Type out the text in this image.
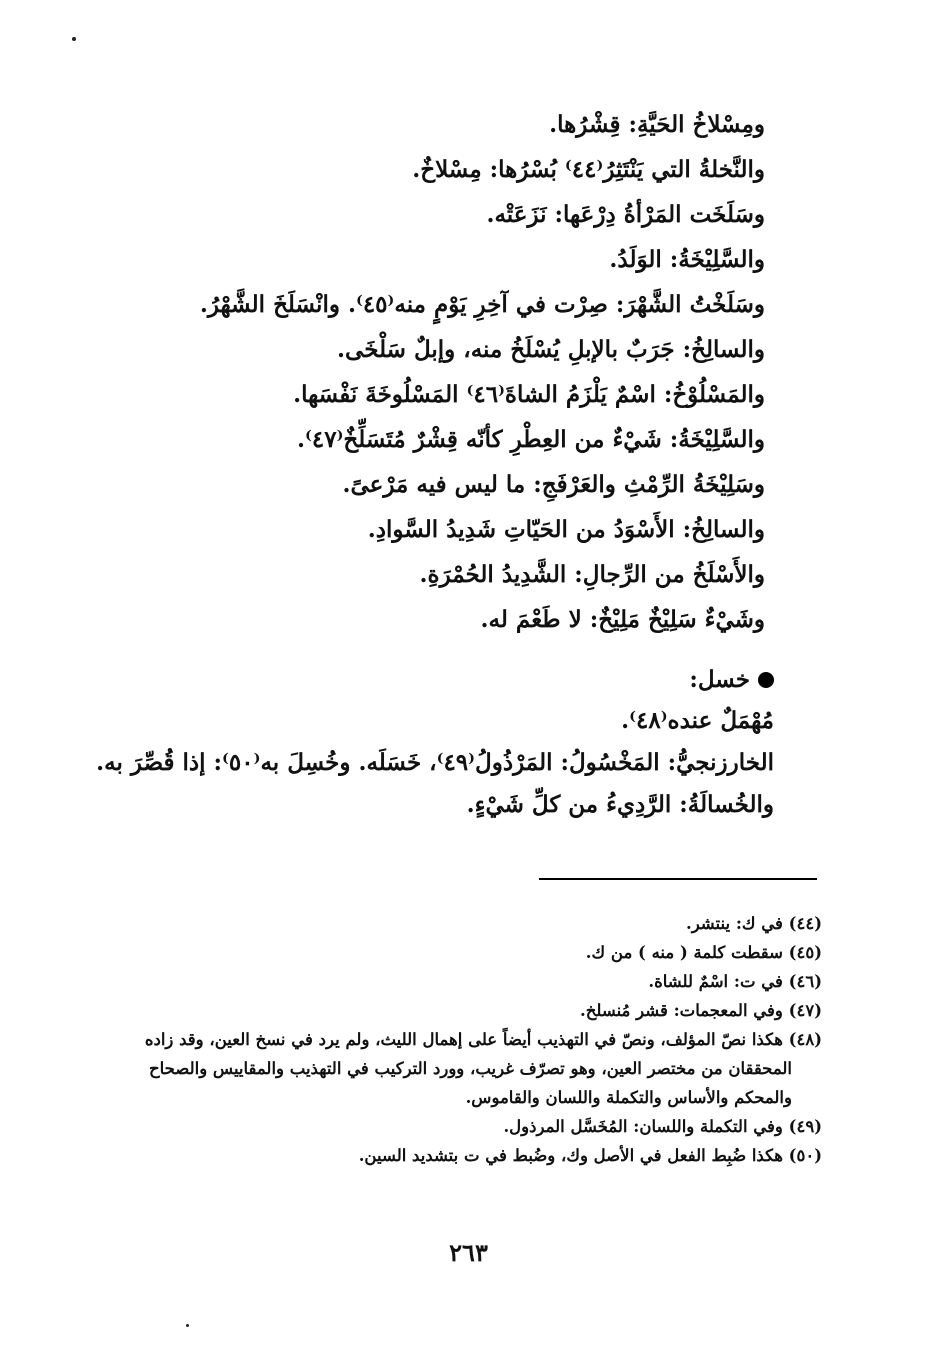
ومِسْلاخُ الحَيَّةِ: قِشْرُها.
والنَّخلةُ التي يَنْتَثِرُ⁽٤٤⁾ بُسْرُها: مِسْلاخٌ.
وسَلَخَت المَرْأةُ دِرْعَها: نَزَعَتْه.
والسَّلِيْخَةُ: الوَلَدُ.
وسَلَخْتُ الشَّهْرَ: صِرْت في آخِرِ يَوْمٍ منه⁽٤٥⁾. وانْسَلَخَ الشَّهْرُ.
والسالِخُ: جَرَبٌ بالإبلِ يُسْلَخُ منه، وإبلٌ سَلْخَى.
والمَسْلُوْخُ: اسْمٌ يَلْزَمُ الشاةَ⁽٤٦⁾ المَسْلُوخَةَ نَفْسَها.
والسَّلِيْخَةُ: شَيْءٌ من العِطْرِ كأنّه قِشْرٌ مُتَسَلِّخٌ⁽٤٧⁾.
وسَلِيْخَةُ الرِّمْثِ والعَرْفَجِ: ما ليس فيه مَرْعىً.
والسالِخُ: الأَسْوَدُ من الحَيّاتِ شَدِيدُ السَّوادِ.
والأَسْلَخُ من الرِّجالِ: الشَّدِيدُ الحُمْرَةِ.
وشَيْءٌ سَلِيْخٌ مَلِيْخٌ: لا طَعْمَ له.
خسل:
مُهْمَلٌ عنده⁽٤٨⁾.
الخارزنجيُّ: المَخْسُولُ: المَرْذُولُ⁽٤٩⁾، خَسَلَه. وخُسِلَ به⁽٥٠⁾: إذا قُصِّرَ به.
والخُسالَةُ: الرَّدِيءُ من كلِّ شَيْءٍ.
(٤٤) في ك: ينتشر.
(٤٥) سقطت كلمة ( منه ) من ك.
(٤٦) في ت: اسْمٌ للشاة.
(٤٧) وفي المعجمات: قشر مُنسلخ.
(٤٨) هكذا نصّ المؤلف، ونصّ في التهذيب أيضاً على إهمال الليث، ولم يرد في نسخ العين، وقد زاده
المحققان من مختصر العين، وهو تصرّف غريب، وورد التركيب في التهذيب والمقاييس والصحاح
والمحكم والأساس والتكملة واللسان والقاموس.
(٤٩) وفي التكملة واللسان: المُخَسَّل المرذول.
(٥٠) هكذا ضُبِط الفعل في الأصل وك، وضُبط في ت بتشديد السين.
٢٦٣
